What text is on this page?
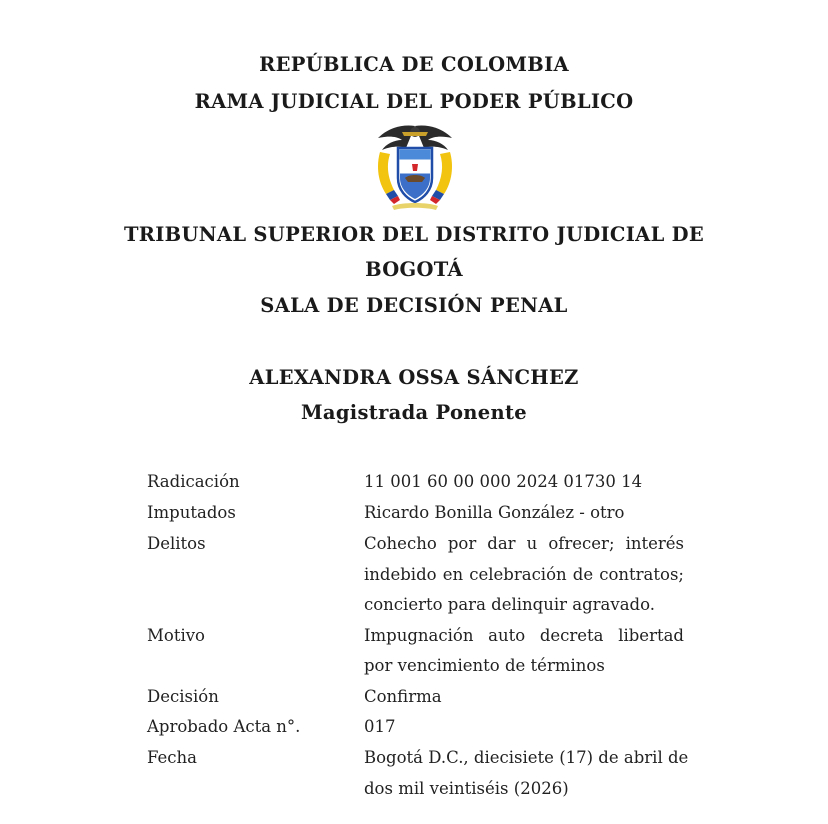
REPÚBLICA DE COLOMBIA
RAMA JUDICIAL DEL PODER PÚBLICO
TRIBUNAL SUPERIOR DEL DISTRITO JUDICIAL DE
BOGOTÁ
SALA DE DECISIÓN PENAL
ALEXANDRA OSSA SÁNCHEZ
Magistrada Ponente
Radicación	11 001 60 00 000 2024 01730 14
Imputados	Ricardo Bonilla González - otro
Delitos	Cohecho por dar u ofrecer; interés
indebido en celebración de contratos;
concierto para delinquir agravado.
Motivo	Impugnación auto decreta libertad
por vencimiento de términos
Decisión	Confirma
Aprobado Acta n°.	017
Fecha	Bogotá D.C., diecisiete (17) de abril de
dos mil veintiséis (2026)
